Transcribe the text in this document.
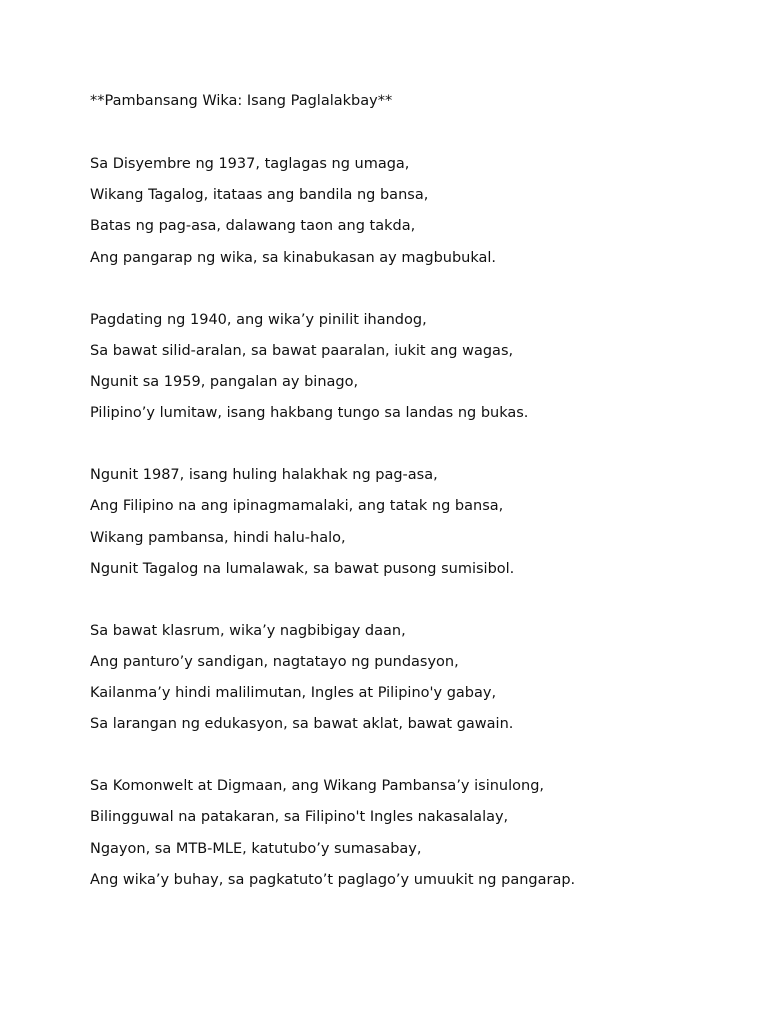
**Pambansang Wika: Isang Paglalakbay**

Sa Disyembre ng 1937, taglagas ng umaga,

Wikang Tagalog, itataas ang bandila ng bansa,

Batas ng pag-asa, dalawang taon ang takda,

Ang pangarap ng wika, sa kinabukasan ay magbubukal.

Pagdating ng 1940, ang wika’y pinilit ihandog,

Sa bawat silid-aralan, sa bawat paaralan, iukit ang wagas,

Ngunit sa 1959, pangalan ay binago,

Pilipino’y lumitaw, isang hakbang tungo sa landas ng bukas.

Ngunit 1987, isang huling halakhak ng pag-asa,

Ang Filipino na ang ipinagmamalaki, ang tatak ng bansa,

Wikang pambansa, hindi halu-halo,

Ngunit Tagalog na lumalawak, sa bawat pusong sumisibol.

Sa bawat klasrum, wika’y nagbibigay daan,

Ang panturo’y sandigan, nagtatayo ng pundasyon,

Kailanma’y hindi malilimutan, Ingles at Pilipino'y gabay,

Sa larangan ng edukasyon, sa bawat aklat, bawat gawain.

Sa Komonwelt at Digmaan, ang Wikang Pambansa’y isinulong,

Bilingguwal na patakaran, sa Filipino't Ingles nakasalalay,

Ngayon, sa MTB-MLE, katutubo’y sumasabay,

Ang wika’y buhay, sa pagkatuto’t paglago’y umuukit ng pangarap.
